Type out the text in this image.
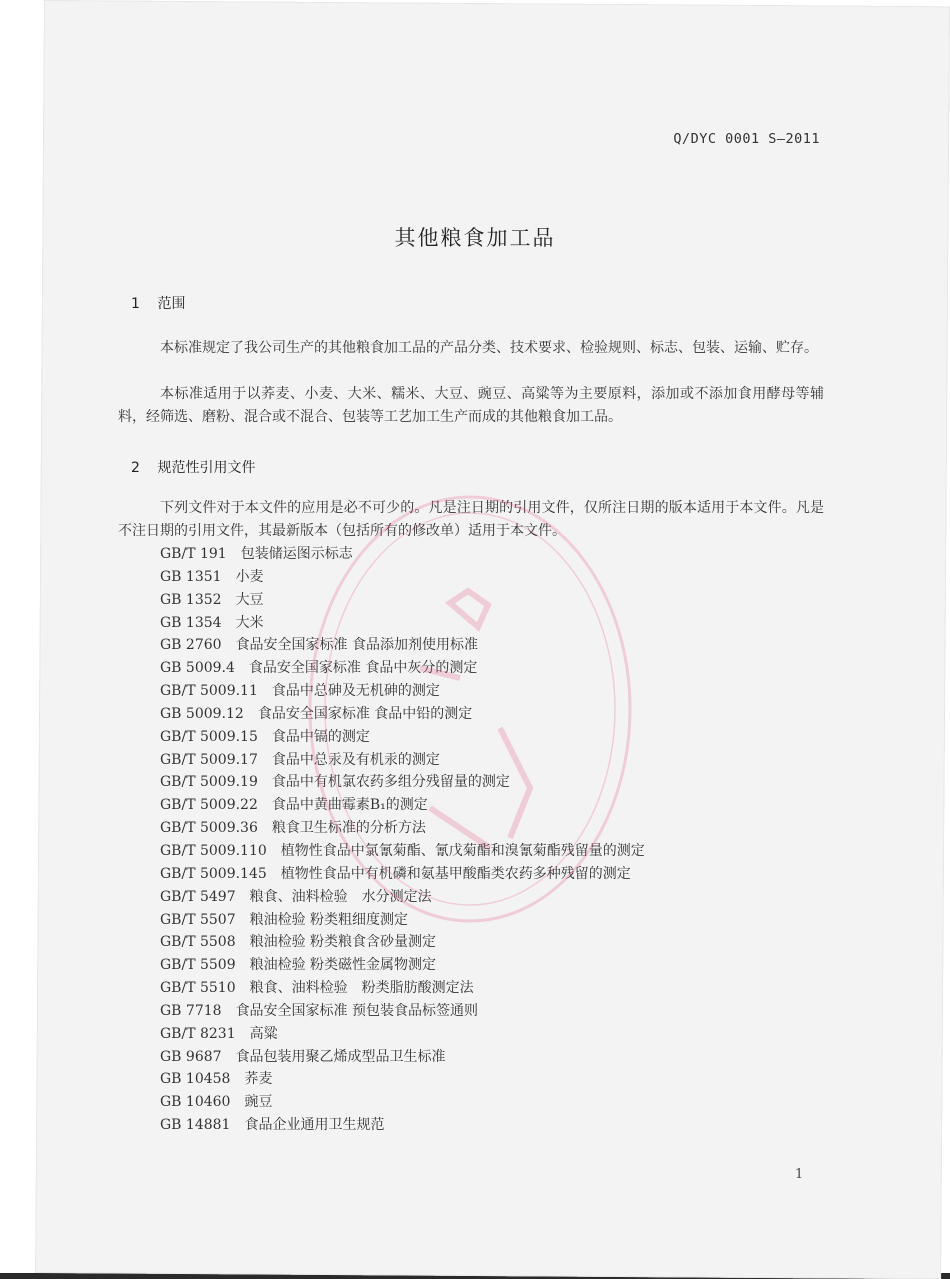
Q/DYC 0001 S—2011
其他粮食加工品
1 范围

本标准规定了我公司生产的其他粮食加工品的产品分类、技术要求、检验规则、标志、包装、运输、贮存。

本标准适用于以荞麦、小麦、大米、糯米、大豆、豌豆、高粱等为主要原料，添加或不添加食用酵母等辅料，经筛选、磨粉、混合或不混合、包装等工艺加工生产而成的其他粮食加工品。

2 规范性引用文件

下列文件对于本文件的应用是必不可少的。凡是注日期的引用文件，仅所注日期的版本适用于本文件。凡是不注日期的引用文件，其最新版本（包括所有的修改单）适用于本文件。

GB/T 191 包装储运图示标志
GB 1351 小麦
GB 1352 大豆
GB 1354 大米
GB 2760 食品安全国家标准 食品添加剂使用标准
GB 5009.4 食品安全国家标准 食品中灰分的测定
GB/T 5009.11 食品中总砷及无机砷的测定
GB 5009.12 食品安全国家标准 食品中铅的测定
GB/T 5009.15 食品中镉的测定
GB/T 5009.17 食品中总汞及有机汞的测定
GB/T 5009.19 食品中有机氯农药多组分残留量的测定
GB/T 5009.22 食品中黄曲霉素B₁的测定
GB/T 5009.36 粮食卫生标准的分析方法
GB/T 5009.110 植物性食品中氯氰菊酯、氰戊菊酯和溴氰菊酯残留量的测定
GB/T 5009.145 植物性食品中有机磷和氨基甲酸酯类农药多种残留的测定
GB/T 5497 粮食、油料检验　水分测定法
GB/T 5507 粮油检验 粉类粗细度测定
GB/T 5508 粮油检验 粉类粮食含砂量测定
GB/T 5509 粮油检验 粉类磁性金属物测定
GB/T 5510 粮食、油料检验　粉类脂肪酸测定法
GB 7718 食品安全国家标准 预包装食品标签通则
GB/T 8231 高粱
GB 9687 食品包装用聚乙烯成型品卫生标准
GB 10458 荞麦
GB 10460 豌豆
GB 14881 食品企业通用卫生规范
1
